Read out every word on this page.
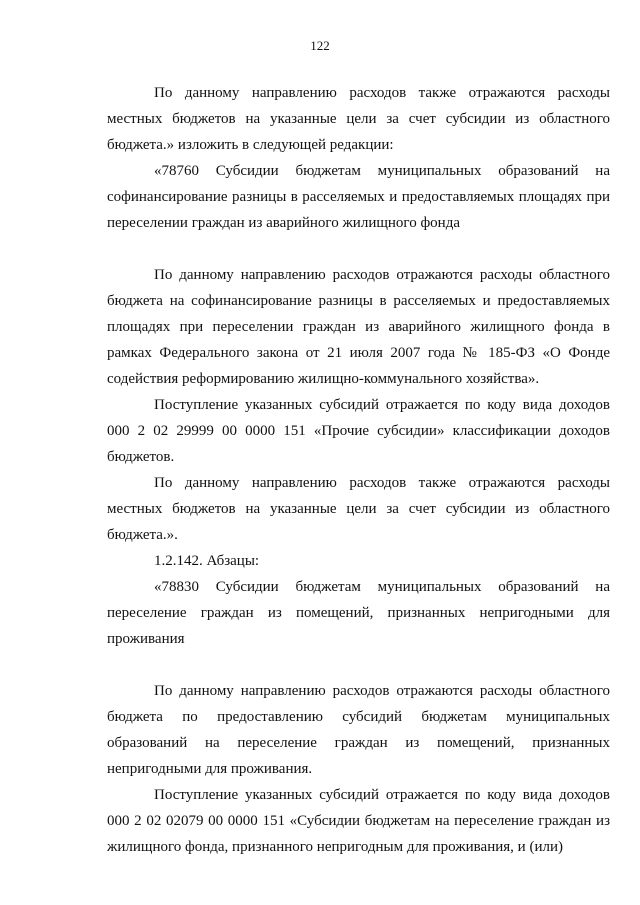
122

По данному направлению расходов также отражаются расходы местных бюджетов на указанные цели за счет субсидии из областного бюджета.» изложить в следующей редакции:

«78760 Субсидии бюджетам муниципальных образований на софинансирование разницы в расселяемых и предоставляемых площадях при переселении граждан из аварийного жилищного фонда

По данному направлению расходов отражаются расходы областного бюджета на софинансирование разницы в расселяемых и предоставляемых площадях при переселении граждан из аварийного жилищного фонда в рамках Федерального закона от 21 июля 2007 года № 185-ФЗ «О Фонде содействия реформированию жилищно-коммунального хозяйства».

Поступление указанных субсидий отражается по коду вида доходов 000 2 02 29999 00 0000 151 «Прочие субсидии» классификации доходов бюджетов.

По данному направлению расходов также отражаются расходы местных бюджетов на указанные цели за счет субсидии из областного бюджета.».

1.2.142. Абзацы:

«78830 Субсидии бюджетам муниципальных образований на переселение граждан из помещений, признанных непригодными для проживания

По данному направлению расходов отражаются расходы областного бюджета по предоставлению субсидий бюджетам муниципальных образований на переселение граждан из помещений, признанных непригодными для проживания.

Поступление указанных субсидий отражается по коду вида доходов 000 2 02 02079 00 0000 151 «Субсидии бюджетам на переселение граждан из жилищного фонда, признанного непригодным для проживания, и (или)
